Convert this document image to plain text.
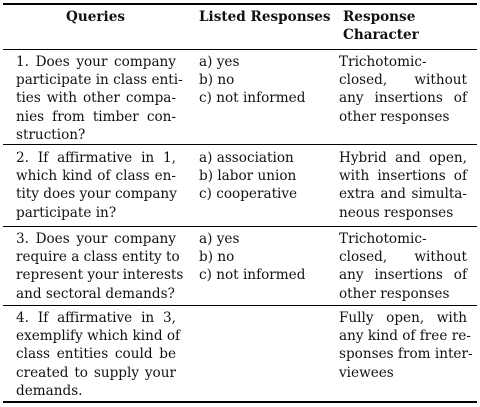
Queries	Listed Responses Response
Character
1. Does your company
participate in class enti-
ties with other compa-
nies from timber con-
struction?
a) yes
b) no
c) not informed
Trichotomic-
closed, without
any insertions of
other responses
2. If affirmative in 1,
which kind of class en-
tity does your company
participate in?
a) association
b) labor union
c) cooperative
Hybrid and open,
with insertions of
extra and simulta-
neous responses
3. Does your company
require a class entity to
represent your interests
and sectoral demands?
a) yes
b) no
c) not informed
Trichotomic-
closed, without
any insertions of
other responses
4. If affirmative in 3,
exemplify which kind of
class entities could be
created to supply your
demands.
Fully open, with
any kind of free re-
sponses from inter-
viewees
